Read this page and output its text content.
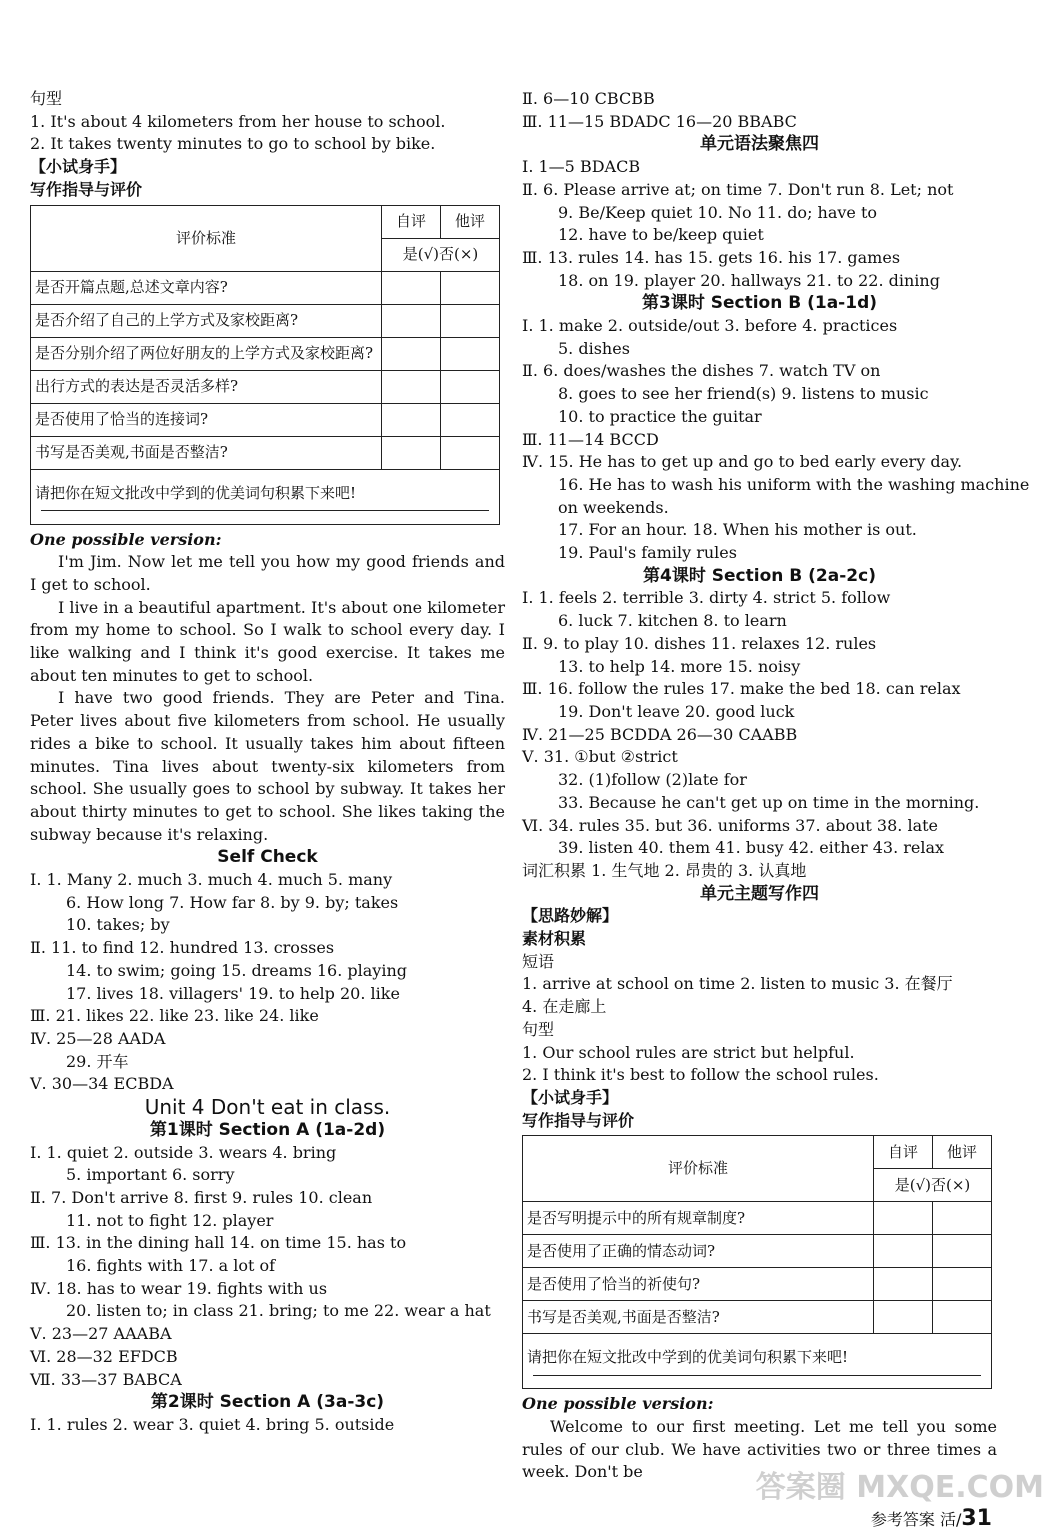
句型
1. It's about 4 kilometers from her house to school.
2. It takes twenty minutes to go to school by bike.
【小试身手】
写作指导与评价
评价标准	自评	他评
	是(√)否(×)	
是否开篇点题,总述文章内容?		
是否介绍了自己的上学方式及家校距离?		
是否分别介绍了两位好朋友的上学方式及家校距离?		
出行方式的表达是否灵活多样?		
是否使用了恰当的连接词?		
书写是否美观,书面是否整洁?		

请把你在短文批改中学到的优美词句积累下来吧!		
One possible version:
I'm Jim. Now let me tell you how my good friends and I get to school.
I live in a beautiful apartment. It's about one kilometer from my home to school. So I walk to school every day. I like walking and I think it's good exercise. It takes me about ten minutes to get to school.
I have two good friends. They are Peter and Tina. Peter lives about five kilometers from school. He usually rides a bike to school. It usually takes him about fifteen minutes. Tina lives about twenty-six kilometers from school. She usually goes to school by subway. It takes her about thirty minutes to get to school. She likes taking the subway because it's relaxing.
Self Check
Ⅰ. 1. Many 2. much 3. much 4. much 5. many
6. How long 7. How far 8. by 9. by; takes
10. takes; by
Ⅱ. 11. to find 12. hundred 13. crosses
14. to swim; going 15. dreams 16. playing
17. lives 18. villagers' 19. to help 20. like
Ⅲ. 21. likes 22. like 23. like 24. like
Ⅳ. 25—28 AADA
29. 开车
Ⅴ. 30—34 ECBDA
Unit 4 Don't eat in class.
第1课时 Section A (1a-2d)
Ⅰ. 1. quiet 2. outside 3. wears 4. bring
5. important 6. sorry
Ⅱ. 7. Don't arrive 8. first 9. rules 10. clean
11. not to fight 12. player
Ⅲ. 13. in the dining hall 14. on time 15. has to
16. fights with 17. a lot of
Ⅳ. 18. has to wear 19. fights with us
20. listen to; in class 21. bring; to me 22. wear a hat
Ⅴ. 23—27 AAABA
Ⅵ. 28—32 EFDCB
Ⅶ. 33—37 BABCA
第2课时 Section A (3a-3c)
Ⅰ. 1. rules 2. wear 3. quiet 4. bring 5. outside
Ⅱ. 6—10 CBCBB
Ⅲ. 11—15 BDADC 16—20 BBABC
单元语法聚焦四
Ⅰ. 1—5 BDACB
Ⅱ. 6. Please arrive at; on time 7. Don't run 8. Let; not
9. Be/Keep quiet 10. No 11. do; have to
12. have to be/keep quiet
Ⅲ. 13. rules 14. has 15. gets 16. his 17. games
18. on 19. player 20. hallways 21. to 22. dining
第3课时 Section B (1a-1d)
Ⅰ. 1. make 2. outside/out 3. before 4. practices
5. dishes
Ⅱ. 6. does/washes the dishes 7. watch TV on
8. goes to see her friend(s) 9. listens to music
10. to practice the guitar
Ⅲ. 11—14 BCCD
Ⅳ. 15. He has to get up and go to bed early every day.
16. He has to wash his uniform with the washing machine
on weekends.
17. For an hour. 18. When his mother is out.
19. Paul's family rules
第4课时 Section B (2a-2c)
Ⅰ. 1. feels 2. terrible 3. dirty 4. strict 5. follow
6. luck 7. kitchen 8. to learn
Ⅱ. 9. to play 10. dishes 11. relaxes 12. rules
13. to help 14. more 15. noisy
Ⅲ. 16. follow the rules 17. make the bed 18. can relax
19. Don't leave 20. good luck
Ⅳ. 21—25 BCDDA 26—30 CAABB
Ⅴ. 31. ①but ②strict
32. (1)follow (2)late for
33. Because he can't get up on time in the morning.
Ⅵ. 34. rules 35. but 36. uniforms 37. about 38. late
39. listen 40. them 41. busy 42. either 43. relax
词汇积累 1. 生气地 2. 昂贵的 3. 认真地
单元主题写作四
【思路妙解】
素材积累
短语
1. arrive at school on time 2. listen to music 3. 在餐厅
4. 在走廊上
句型
1. Our school rules are strict but helpful.
2. I think it's best to follow the school rules.
【小试身手】
写作指导与评价
评价标准	自评	他评
	是(√)否(×)	
是否写明提示中的所有规章制度?		
是否使用了正确的情态动词?		
是否使用了恰当的祈使句?		
书写是否美观,书面是否整洁?		

请把你在短文批改中学到的优美词句积累下来吧!		
One possible version:
Welcome to our first meeting. Let me tell you some rules of our club. We have activities two or three times a week. Don't be
参考答案 活/31
答案圈 MXQE.COM
